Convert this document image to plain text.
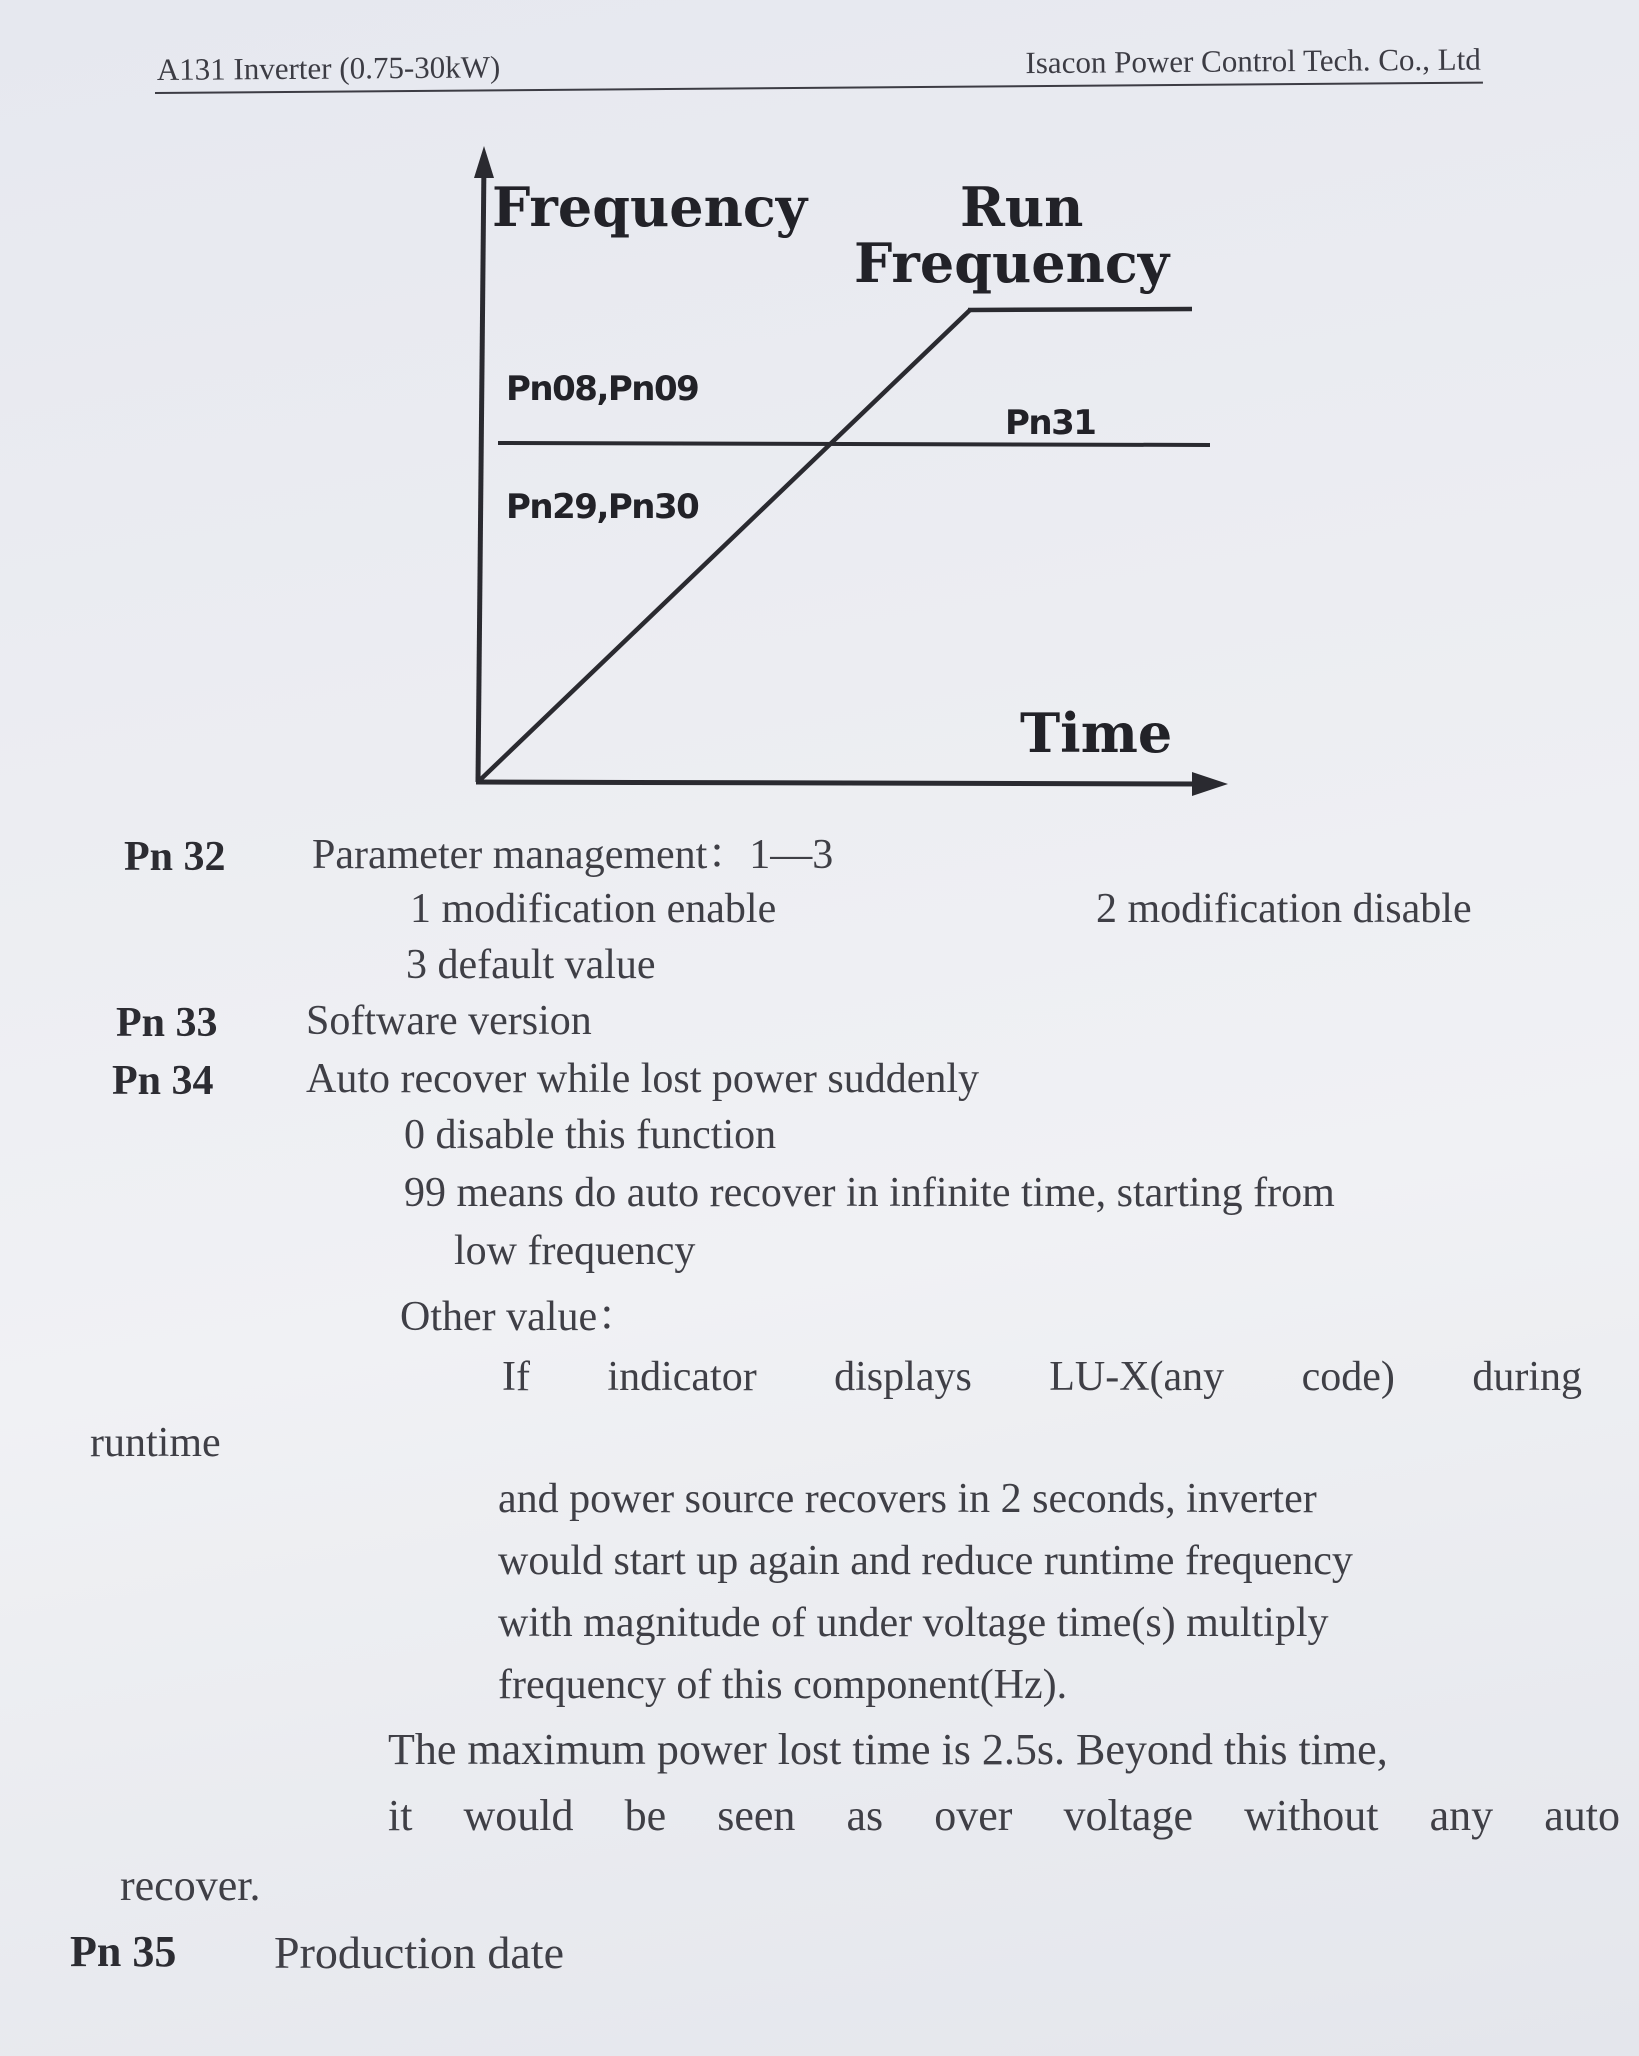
A131 Inverter (0.75-30kW)	Isacon Power Control Tech. Co., Ltd
Frequency	Run
Frequency
Pn08,Pn09
Pn31
Pn29,Pn30
Time
Pn 32 Parameter management：1—3
1 modification enable	2 modification disable
3 default value
Pn 33 Software version
Pn 34 Auto recover while lost power suddenly
0 disable this function
99 means do auto recover in infinite time, starting from
low frequency
Other value：
If indicator displays LU-X(any code) during
runtime
and power source recovers in 2 seconds, inverter
would start up again and reduce runtime frequency
with magnitude of under voltage time(s) multiply
frequency of this component(Hz).
The maximum power lost time is 2.5s. Beyond this time,
it would be seen as over voltage without any auto
recover.
Pn 35 Production date
